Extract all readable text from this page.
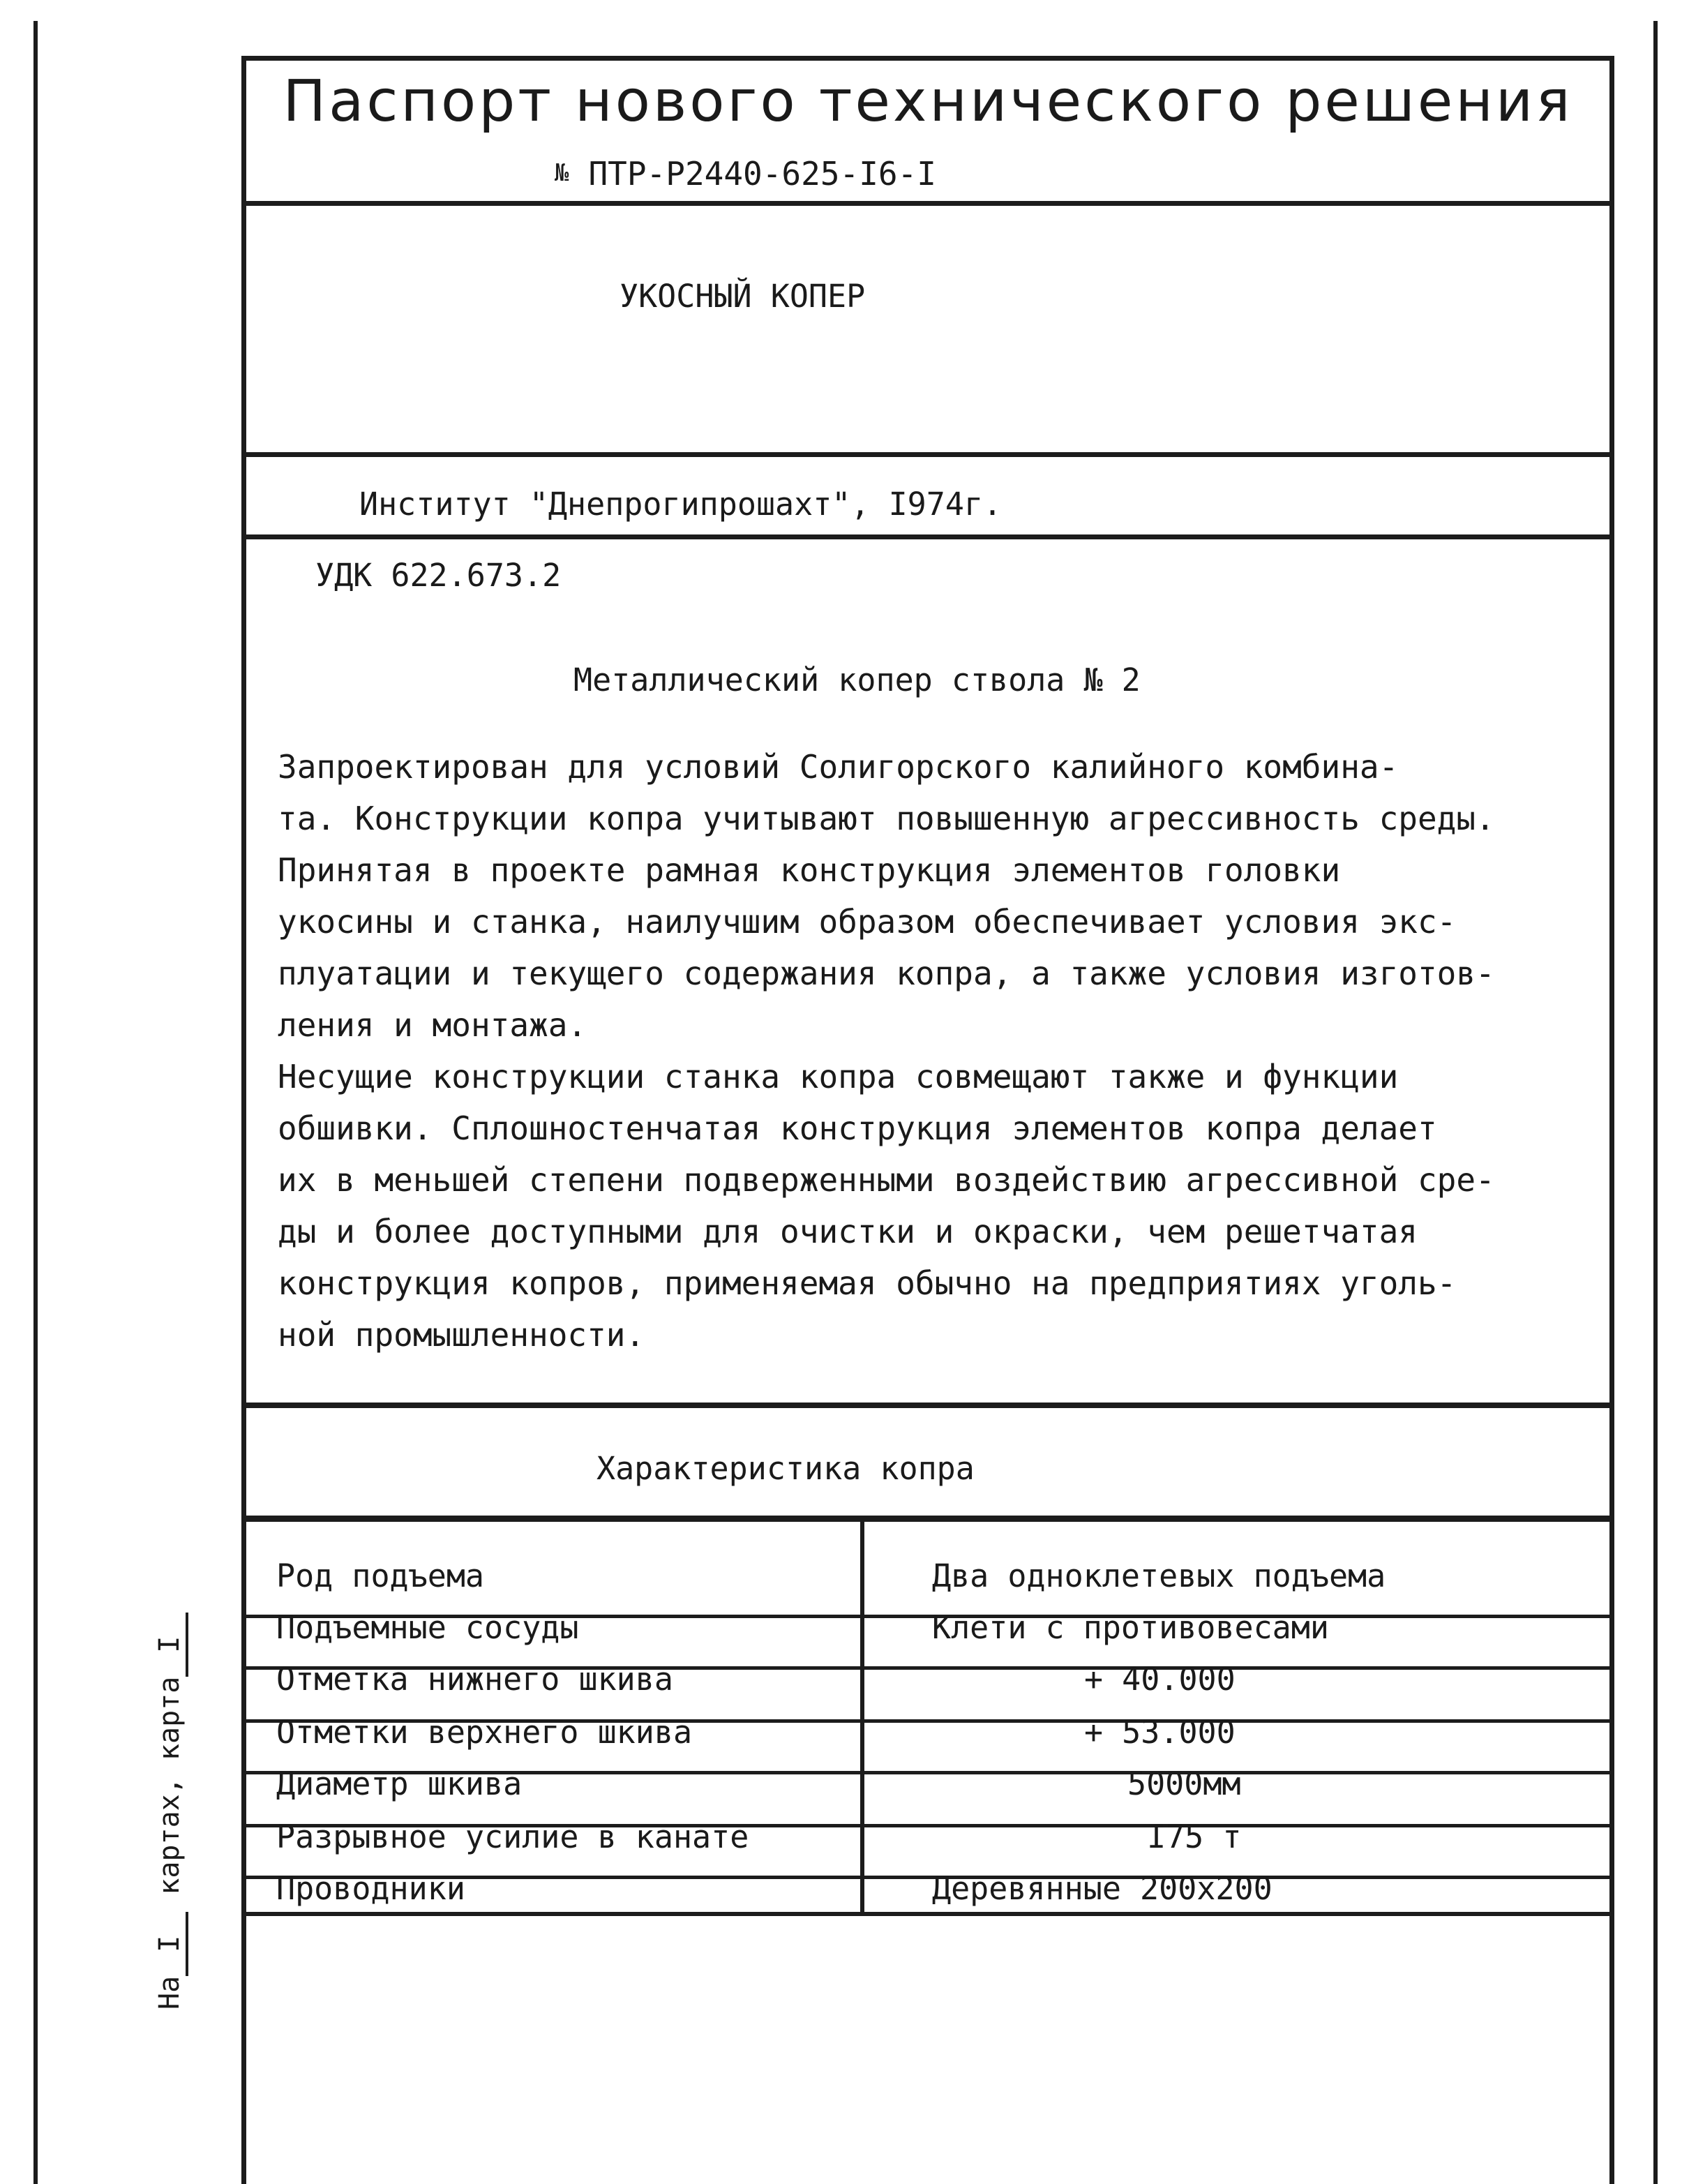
Паспорт нового технического решения
№ ПТР-Р2440-625-I6-I
УКОСНЫЙ КОПЕР
Институт "Днепрогипрошахт", I974г.
УДК 622.673.2
Металлический копер ствола № 2
Запроектирован для условий Солигорского калийного комбина-
та. Конструкции копра учитывают повышенную агрессивность среды.
Принятая в проекте рамная конструкция элементов головки
укосины и станка, наилучшим образом обеспечивает условия экс-
плуатации и текущего содержания копра, а также условия изготов-
ления и монтажа.
Несущие конструкции станка копра совмещают также и функции
обшивки. Сплошностенчатая конструкция элементов копра делает
их в меньшей степени подверженными воздействию агрессивной сре-
ды и более доступными для очистки и окраски, чем решетчатая
конструкция копров, применяемая обычно на предприятиях уголь-
ной промышленности.
Характеристика копра
Род подъема	Два одноклетевых подъема
Подъемные сосуды	Клети с противовесами
Отметка нижнего шкива	+ 40.000
Отметки верхнего шкива	+ 53.000
Диаметр шкива	5000мм
Разрывное усилие в канате	I75 т
Проводники	Деревянные 200х200
НаI картах, картаI
